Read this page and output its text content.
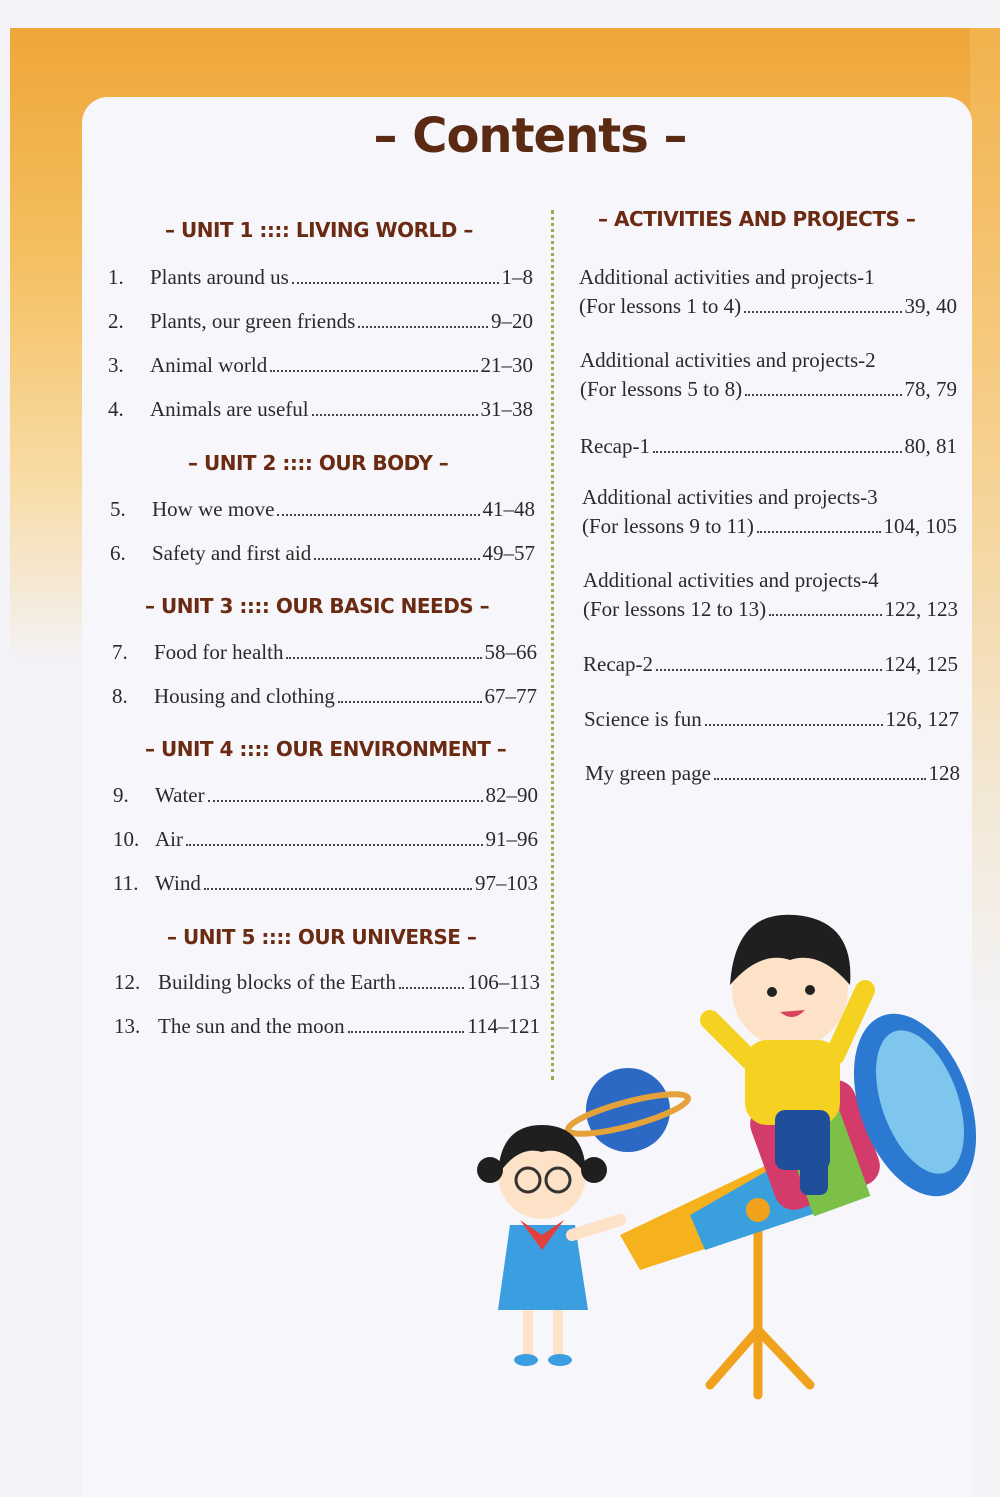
– Contents –
– UNIT 1 :::: LIVING WORLD –
1. Plants around us	1–8
2. Plants, our green friends	9–20
3. Animal world	21–30
4. Animals are useful	31–38
– UNIT 2 :::: OUR BODY –
5. How we move	41–48
6. Safety and first aid	49–57
– UNIT 3 :::: OUR BASIC NEEDS –
7. Food for health	58–66
8. Housing and clothing	67–77
– UNIT 4 :::: OUR ENVIRONMENT –
9. Water	82–90
10. Air	91–96
11. Wind	97–103
– UNIT 5 :::: OUR UNIVERSE –
12. Building blocks of the Earth	106–113
13. The sun and the moon	114–121
– ACTIVITIES AND PROJECTS –
Additional activities and projects-1
(For lessons 1 to 4)	39, 40
Additional activities and projects-2
(For lessons 5 to 8)	78, 79
Recap-1	80, 81
Additional activities and projects-3
(For lessons 9 to 11)	104, 105
Additional activities and projects-4
(For lessons 12 to 13)	122, 123
Recap-2	124, 125
Science is fun	126, 127
My green page	128
